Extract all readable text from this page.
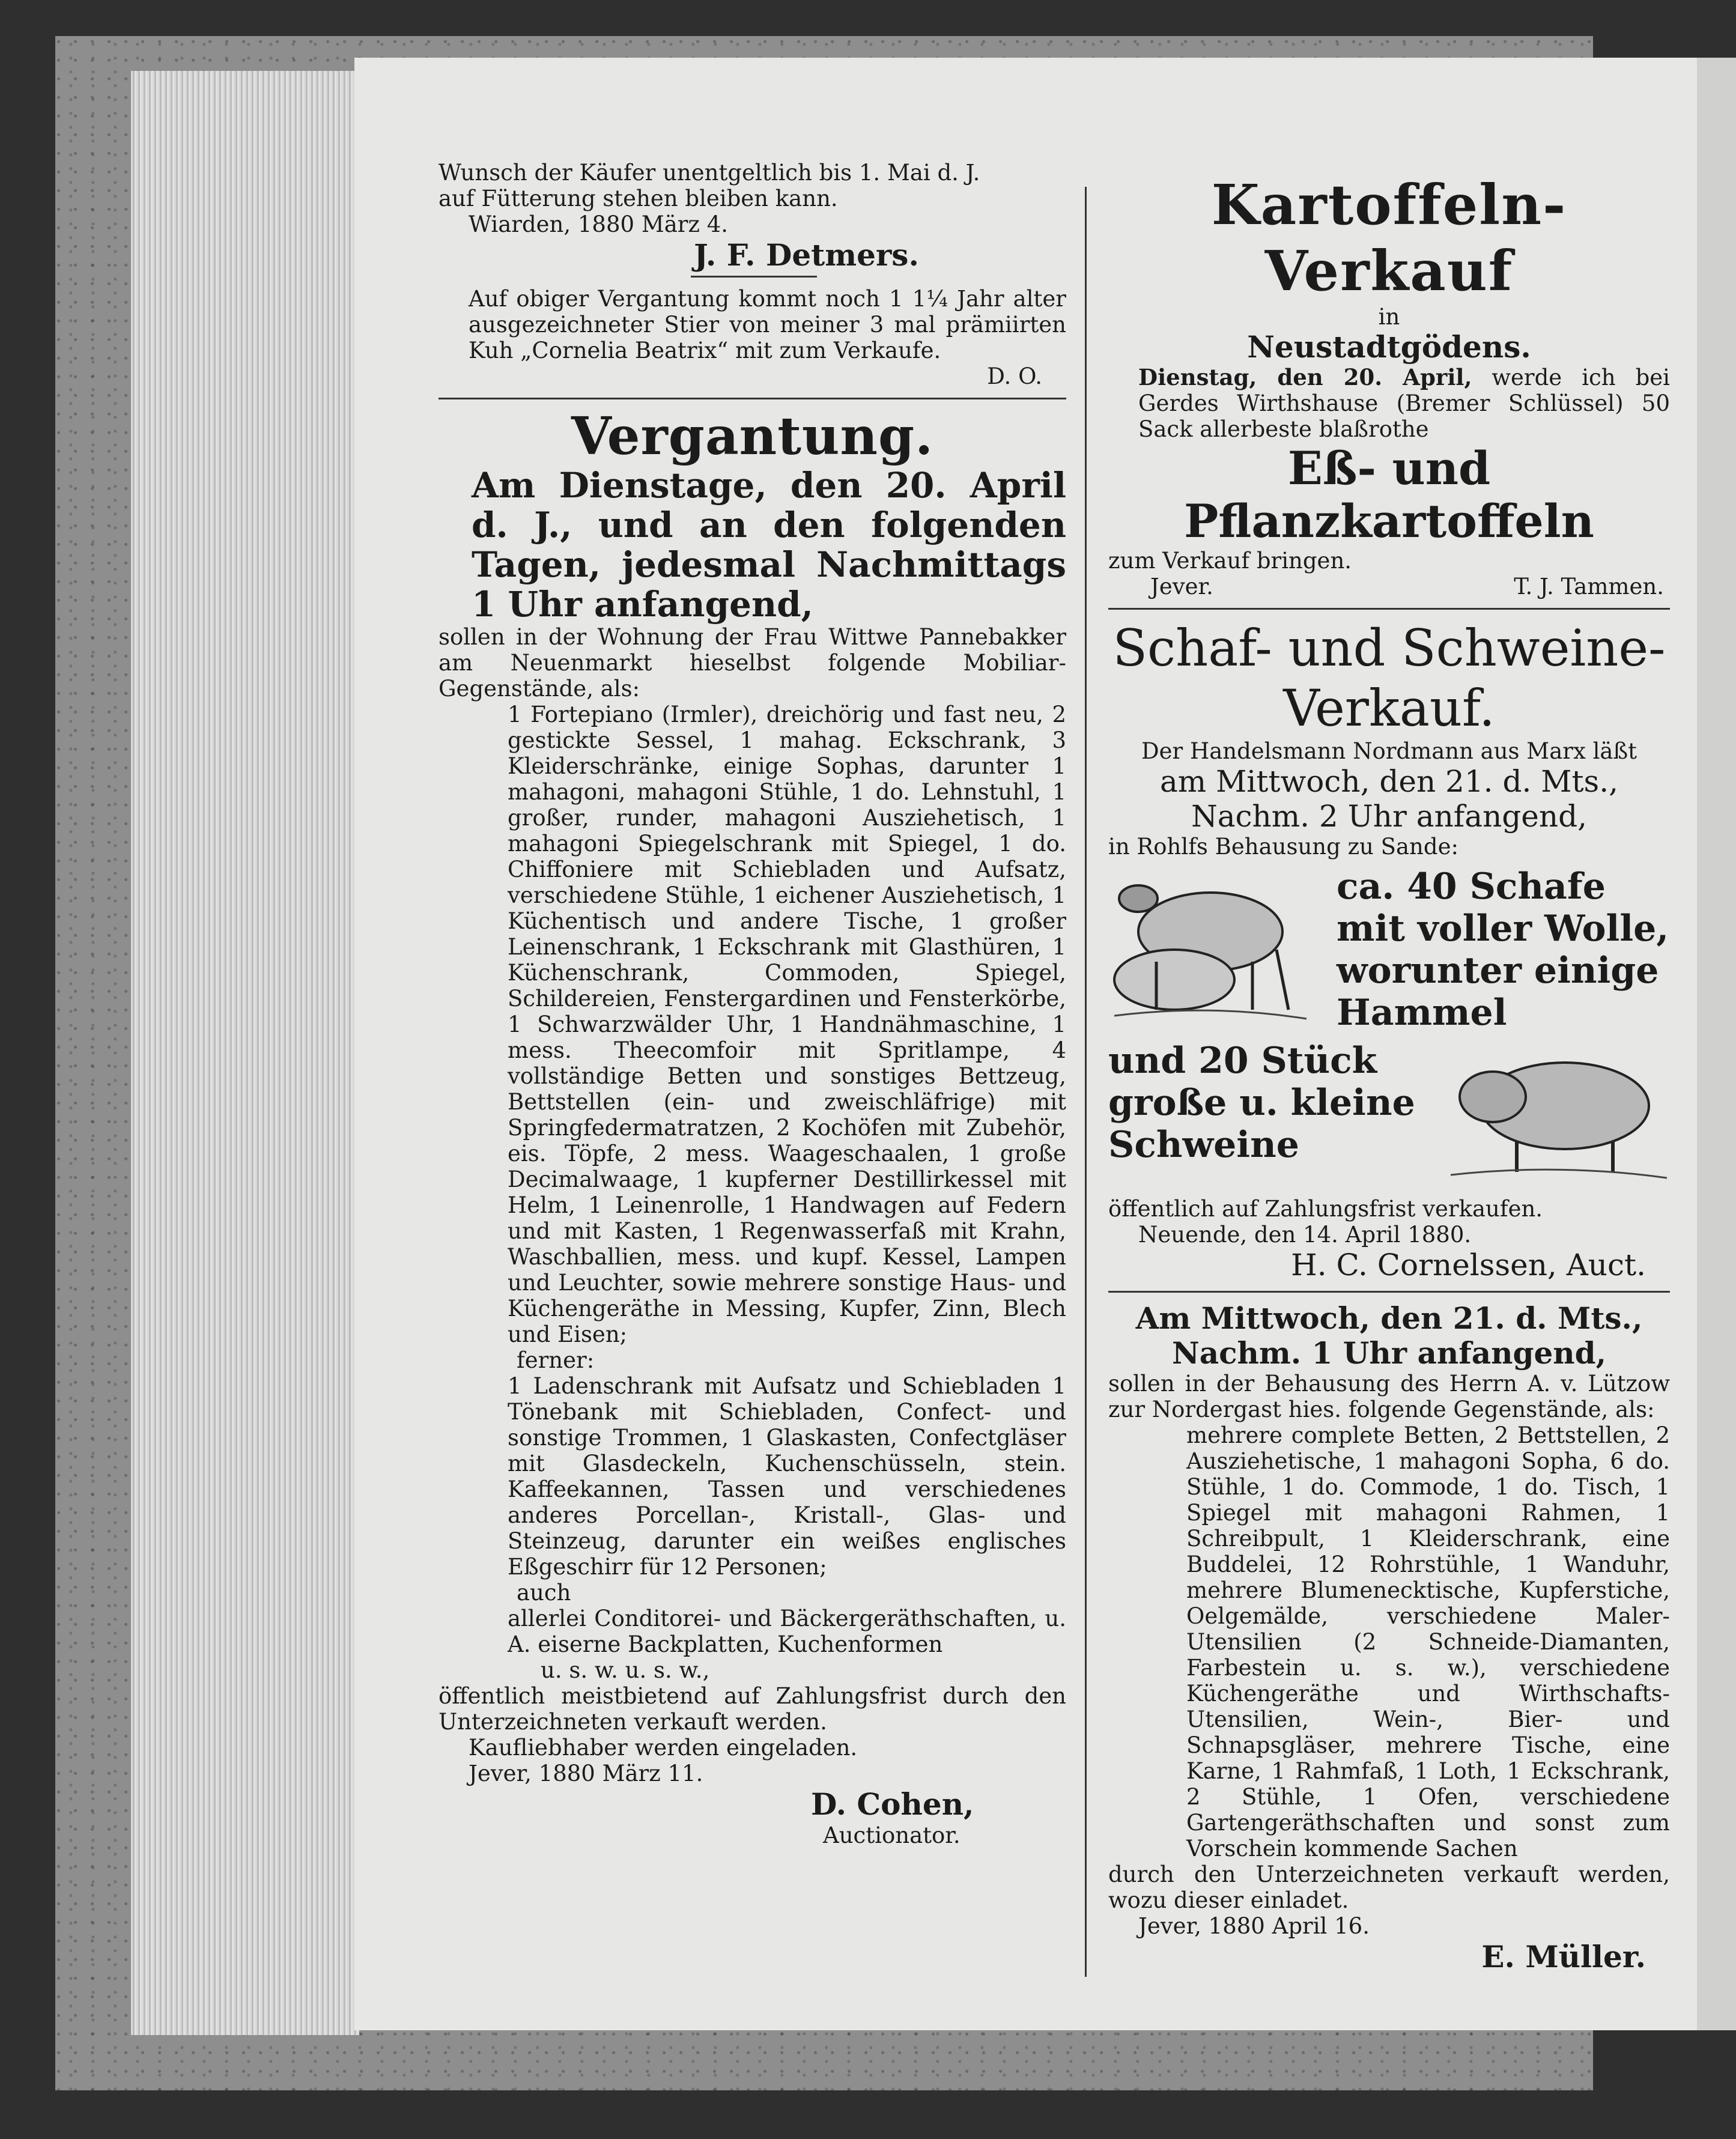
Wunsch der Käufer unentgeltlich bis 1. Mai d. J.

auf Fütterung stehen bleiben kann.

Wiarden, 1880 März 4.

J. F. Detmers.

Auf obiger Vergantung kommt noch 1 1¼ Jahr alter ausgezeichneter Stier von meiner 3 mal prämiirten Kuh „Cornelia Beatrix“ mit zum Verkaufe.

D. O.

Vergantung.

Am Dienstage, den 20. April d. J., und an den folgenden Tagen, jedesmal Nachmittags 1 Uhr anfangend,

sollen in der Wohnung der Frau Wittwe Pannebakker am Neuenmarkt hieselbst folgende Mobiliar-Gegenstände, als:

1 Fortepiano (Irmler), dreichörig und fast neu, 2 gestickte Sessel, 1 mahag. Eckschrank, 3 Kleiderschränke, einige Sophas, darunter 1 mahagoni, mahagoni Stühle, 1 do. Lehnstuhl, 1 großer, runder, mahagoni Ausziehetisch, 1 mahagoni Spiegelschrank mit Spiegel, 1 do. Chiffoniere mit Schiebladen und Aufsatz, verschiedene Stühle, 1 eichener Ausziehetisch, 1 Küchentisch und andere Tische, 1 großer Leinenschrank, 1 Eckschrank mit Glasthüren, 1 Küchenschrank, Commoden, Spiegel, Schildereien, Fenstergardinen und Fensterkörbe, 1 Schwarzwälder Uhr, 1 Handnähmaschine, 1 mess. Theecomfoir mit Spritlampe, 4 vollständige Betten und sonstiges Bettzeug, Bettstellen (ein- und zweischläfrige) mit Springfedermatratzen, 2 Kochöfen mit Zubehör, eis. Töpfe, 2 mess. Waageschaalen, 1 große Decimalwaage, 1 kupferner Destillirkessel mit Helm, 1 Leinenrolle, 1 Handwagen auf Federn und mit Kasten, 1 Regenwasserfaß mit Krahn, Waschballien, mess. und kupf. Kessel, Lampen und Leuchter, sowie mehrere sonstige Haus- und Küchengeräthe in Messing, Kupfer, Zinn, Blech und Eisen;

ferner:

1 Ladenschrank mit Aufsatz und Schiebladen 1 Tönebank mit Schiebladen, Confect- und sonstige Trommen, 1 Glaskasten, Confectgläser mit Glasdeckeln, Kuchenschüsseln, stein. Kaffeekannen, Tassen und verschiedenes anderes Porcellan-, Kristall-, Glas- und Steinzeug, darunter ein weißes englisches Eßgeschirr für 12 Personen;

auch

allerlei Conditorei- und Bäckergeräthschaften, u. A. eiserne Backplatten, Kuchenformen

u. s. w. u. s. w.,

öffentlich meistbietend auf Zahlungsfrist durch den Unterzeichneten verkauft werden.

Kaufliebhaber werden eingeladen.

Jever, 1880 März 11.

D. Cohen,

Auctionator.

Kartoffeln-Verkauf

in

Neustadtgödens.

Dienstag, den 20. April, werde ich bei Gerdes Wirthshause (Bremer Schlüssel) 50 Sack allerbeste blaßrothe

Eß- und Pflanzkartoffeln

zum Verkauf bringen.

Jever.	T. J. Tammen.

Schaf- und Schweine-

Verkauf.

Der Handelsmann Nordmann aus Marx läßt

am Mittwoch, den 21. d. Mts.,

Nachm. 2 Uhr anfangend,

in Rohlfs Behausung zu Sande:

ca. 40 Schafe mit voller Wolle, worunter einige Hammel

und 20 Stück große u. kleine Schweine

öffentlich auf Zahlungsfrist verkaufen.

Neuende, den 14. April 1880.

H. C. Cornelssen, Auct.

Am Mittwoch, den 21. d. Mts.,

Nachm. 1 Uhr anfangend,

sollen in der Behausung des Herrn A. v. Lützow zur Nordergast hies. folgende Gegenstände, als:

mehrere complete Betten, 2 Bettstellen, 2 Ausziehetische, 1 mahagoni Sopha, 6 do. Stühle, 1 do. Commode, 1 do. Tisch, 1 Spiegel mit mahagoni Rahmen, 1 Schreibpult, 1 Kleiderschrank, eine Buddelei, 12 Rohrstühle, 1 Wanduhr, mehrere Blumenecktische, Kupferstiche, Oelgemälde, verschiedene Maler-Utensilien (2 Schneide-Diamanten, Farbestein u. s. w.), verschiedene Küchengeräthe und Wirthschafts-Utensilien, Wein-, Bier- und Schnapsgläser, mehrere Tische, eine Karne, 1 Rahmfaß, 1 Loth, 1 Eckschrank, 2 Stühle, 1 Ofen, verschiedene Gartengeräthschaften und sonst zum Vorschein kommende Sachen

durch den Unterzeichneten verkauft werden, wozu dieser einladet.

Jever, 1880 April 16.

E. Müller.
